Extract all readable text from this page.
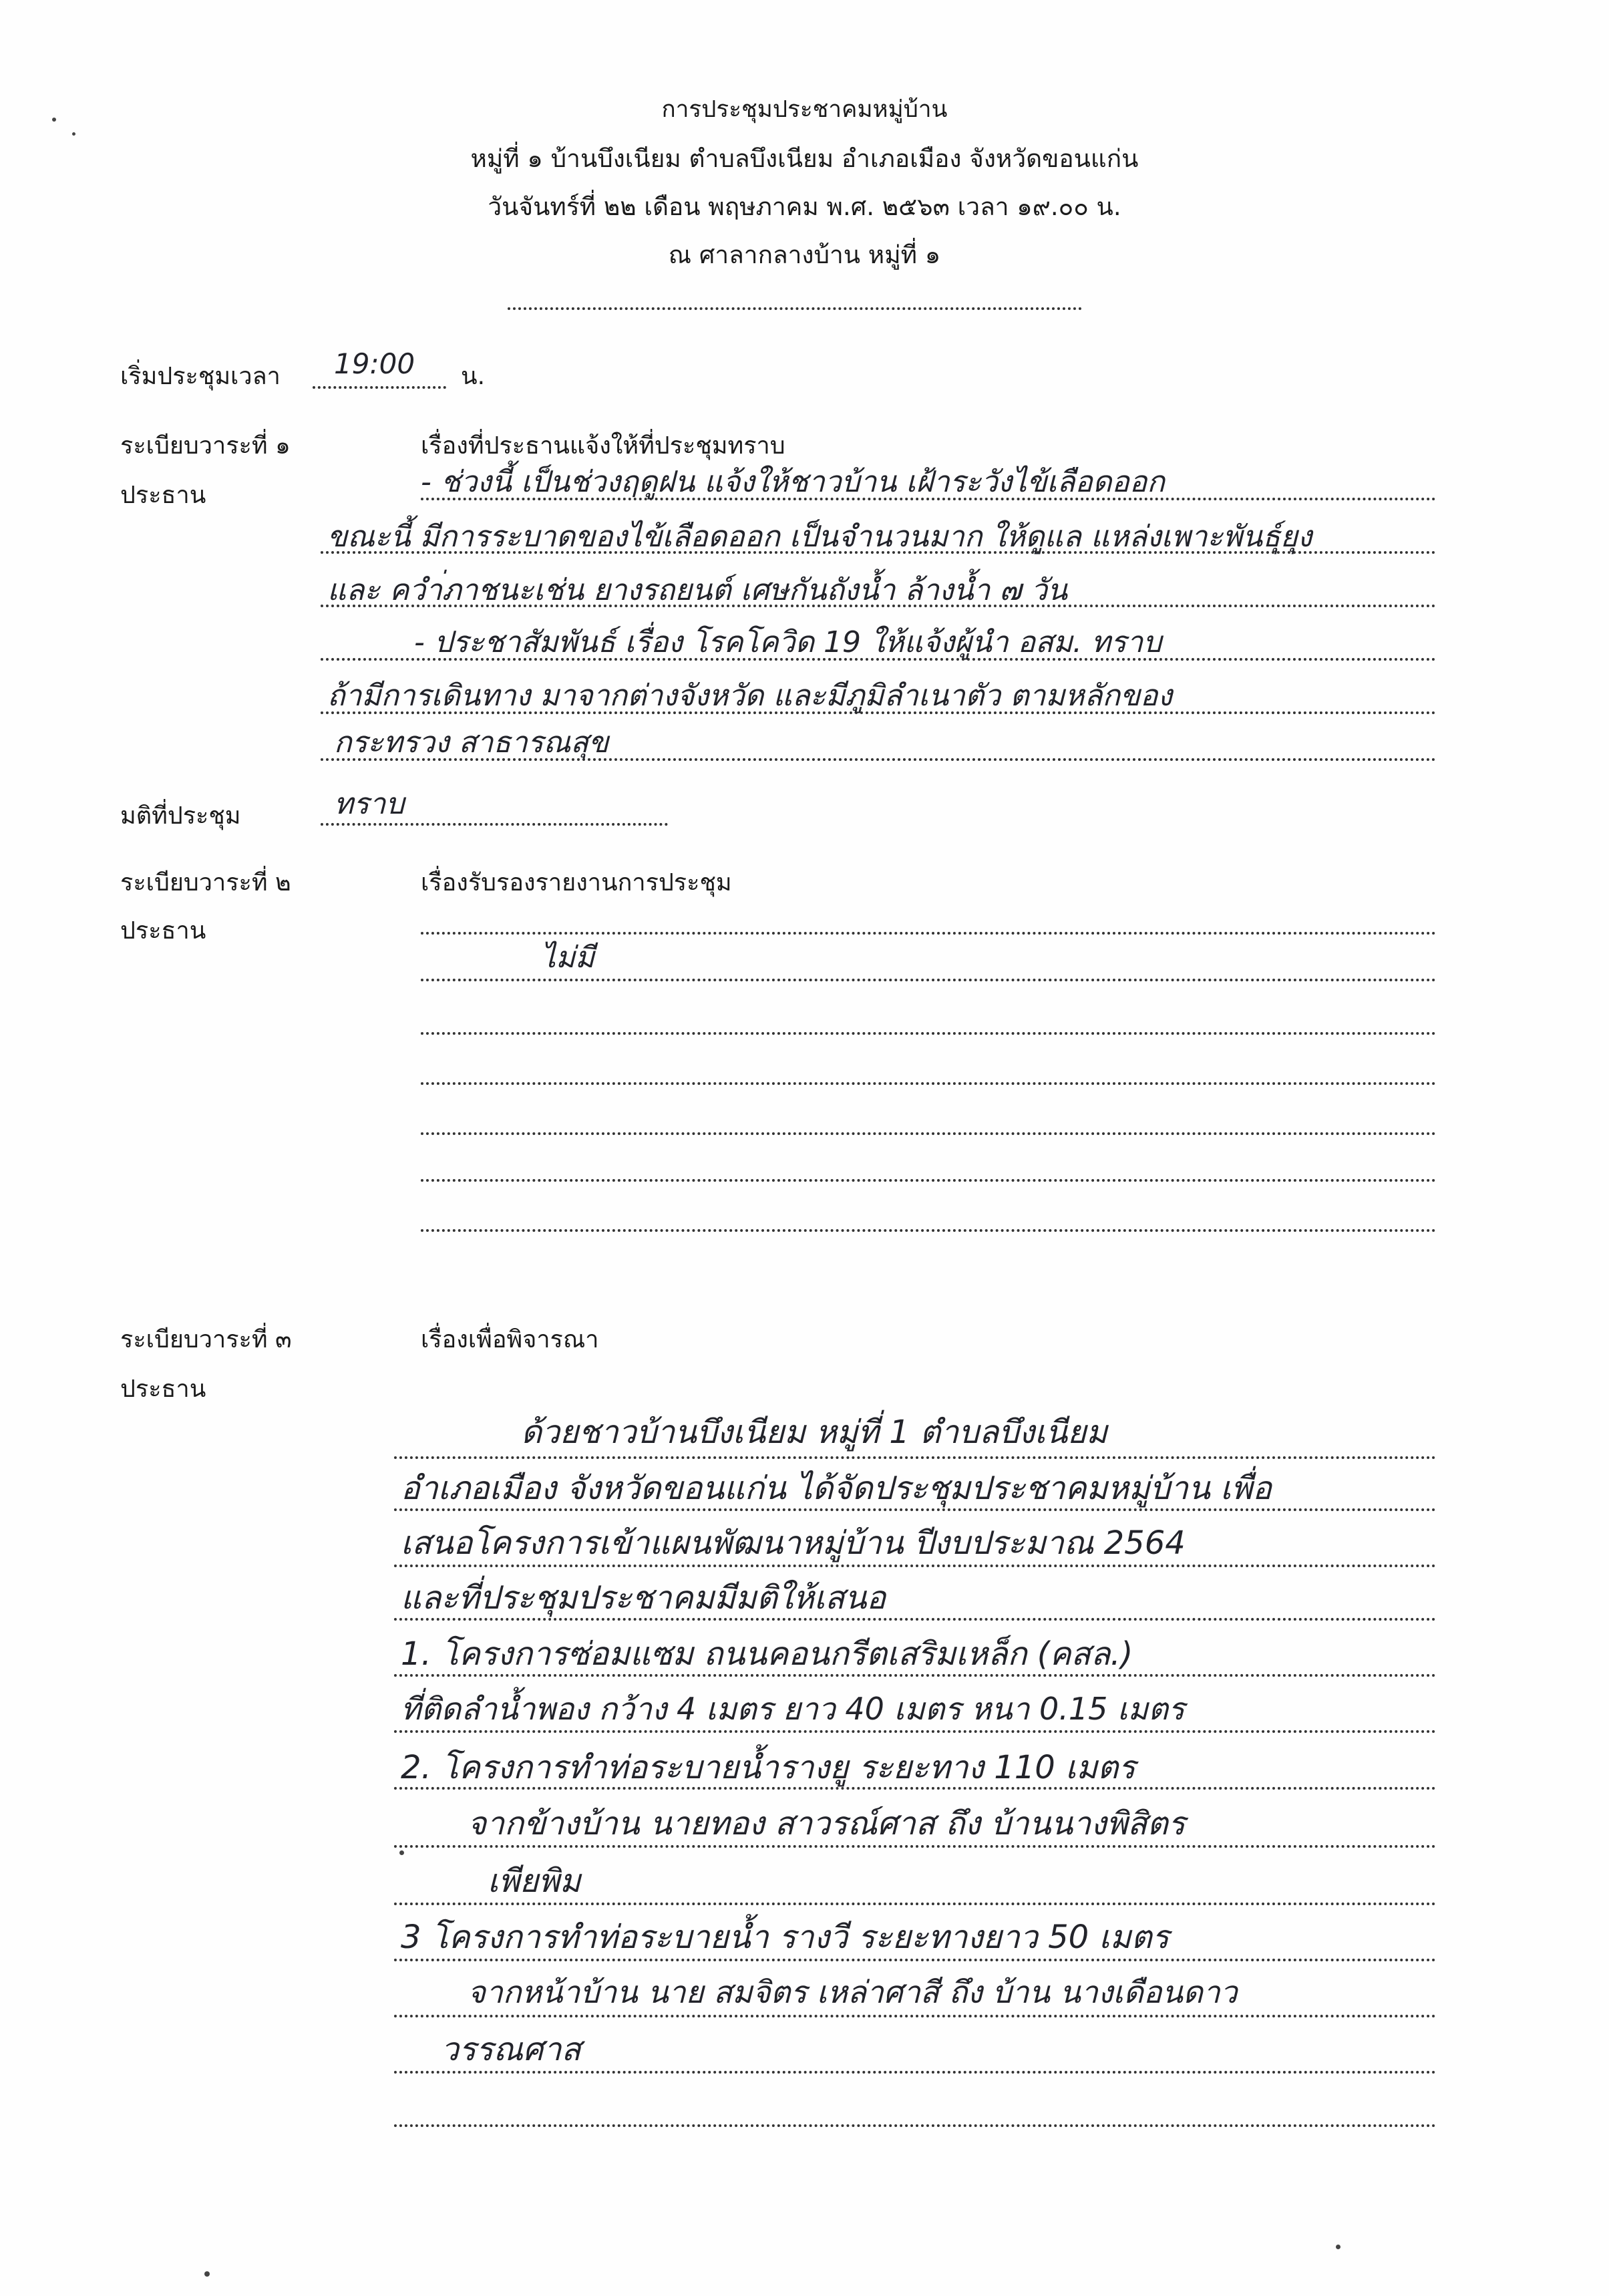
การประชุมประชาคมหมู่บ้าน
หมู่ที่ ๑ บ้านบึงเนียม ตำบลบึงเนียม อำเภอเมือง จังหวัดขอนแก่น
วันจันทร์ที่ ๒๒ เดือน พฤษภาคม พ.ศ. ๒๕๖๓ เวลา ๑๙.๐๐ น.
ณ ศาลากลางบ้าน หมู่ที่ ๑
เริ่มประชุมเวลา 19:00 น.
ระเบียบวาระที่ ๑
ประธาน
เรื่องที่ประธานแจ้งให้ที่ประชุมทราบ
- ช่วงนี้ เป็นช่วงฤดูฝน แจ้งให้ชาวบ้าน เฝ้าระวังไข้เลือดออก
ขณะนี้ มีการระบาดของไข้เลือดออก เป็นจำนวนมาก ให้ดูแล แหล่งเพาะพันธุ์ยุง
และ ควำ่ภาชนะเช่น ยางรถยนต์ เศษกันถังน้ำ ล้างน้ำ ๗ วัน
- ประชาสัมพันธ์ เรื่อง โรคโควิด 19 ให้แจ้งผู้นำ อสม. ทราบ
ถ้ามีการเดินทาง มาจากต่างจังหวัด และมีภูมิลำเนาตัว ตามหลักของ
กระทรวง สาธารณสุข
มติที่ประชุม	ทราบ
ระเบียบวาระที่ ๒
ประธาน
เรื่องรับรองรายงานการประชุม
ไม่มี
ระเบียบวาระที่ ๓
ประธาน
เรื่องเพื่อพิจารณา
ด้วยชาวบ้านบึงเนียม หมู่ที่ 1 ตำบลบึงเนียม
อำเภอเมือง จังหวัดขอนแก่น ได้จัดประชุมประชาคมหมู่บ้าน เพื่อ
เสนอโครงการเข้าแผนพัฒนาหมู่บ้าน ปีงบประมาณ 2564
และที่ประชุมประชาคมมีมติให้เสนอ
1. โครงการซ่อมแซม ถนนคอนกรีตเสริมเหล็ก (คสล.)
ที่ติดลำน้ำพอง กว้าง 4 เมตร ยาว 40 เมตร หนา 0.15 เมตร
2. โครงการทำท่อระบายน้ำรางยู ระยะทาง 110 เมตร
จากข้างบ้าน นายทอง สาวรณ์ศาส ถึง บ้านนางพิสิตร
เพียพิม
3 โครงการทำท่อระบายน้ำ รางวี ระยะทางยาว 50 เมตร
จากหน้าบ้าน นาย สมจิตร เหล่าศาสี ถึง บ้าน นางเดือนดาว
วรรณศาส
